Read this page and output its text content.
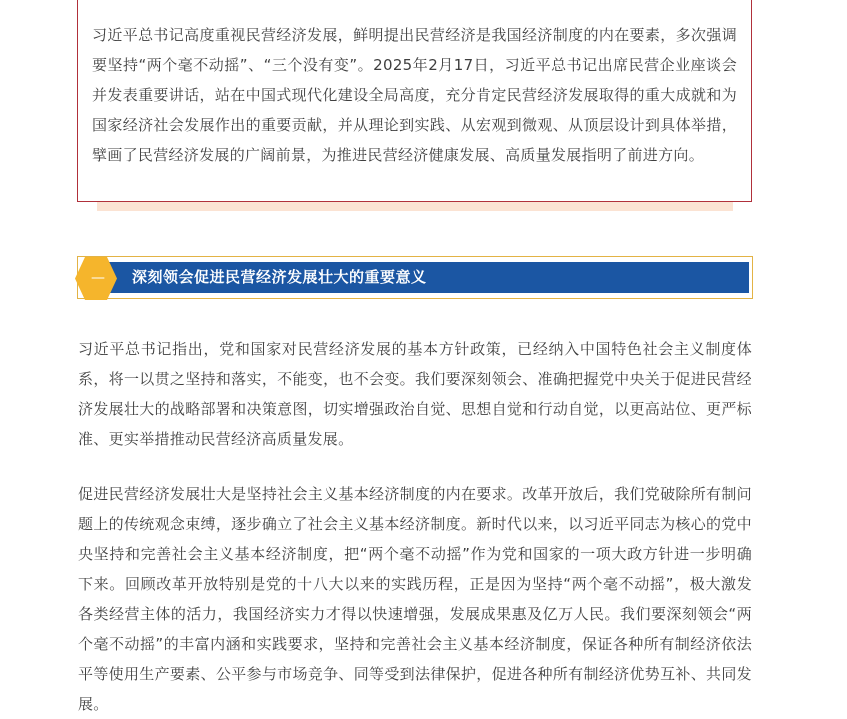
习近平总书记高度重视民营经济发展，鲜明提出民营经济是我国经济制度的内在要素，多次强调要坚持“两个毫不动摇”、“三个没有变”。2025年2月17日，习近平总书记出席民营企业座谈会并发表重要讲话，站在中国式现代化建设全局高度，充分肯定民营经济发展取得的重大成就和为国家经济社会发展作出的重要贡献，并从理论到实践、从宏观到微观、从顶层设计到具体举措，擘画了民营经济发展的广阔前景，为推进民营经济健康发展、高质量发展指明了前进方向。

深刻领会促进民营经济发展壮大的重要意义
—

习近平总书记指出，党和国家对民营经济发展的基本方针政策，已经纳入中国特色社会主义制度体系，将一以贯之坚持和落实，不能变，也不会变。我们要深刻领会、准确把握党中央关于促进民营经济发展壮大的战略部署和决策意图，切实增强政治自觉、思想自觉和行动自觉，以更高站位、更严标准、更实举措推动民营经济高质量发展。

促进民营经济发展壮大是坚持社会主义基本经济制度的内在要求。改革开放后，我们党破除所有制问题上的传统观念束缚，逐步确立了社会主义基本经济制度。新时代以来，以习近平同志为核心的党中央坚持和完善社会主义基本经济制度，把“两个毫不动摇”作为党和国家的一项大政方针进一步明确下来。回顾改革开放特别是党的十八大以来的实践历程，正是因为坚持“两个毫不动摇”，极大激发各类经营主体的活力，我国经济实力才得以快速增强，发展成果惠及亿万人民。我们要深刻领会“两个毫不动摇”的丰富内涵和实践要求，坚持和完善社会主义基本经济制度，保证各种所有制经济依法平等使用生产要素、公平参与市场竞争、同等受到法律保护，促进各种所有制经济优势互补、共同发展。
